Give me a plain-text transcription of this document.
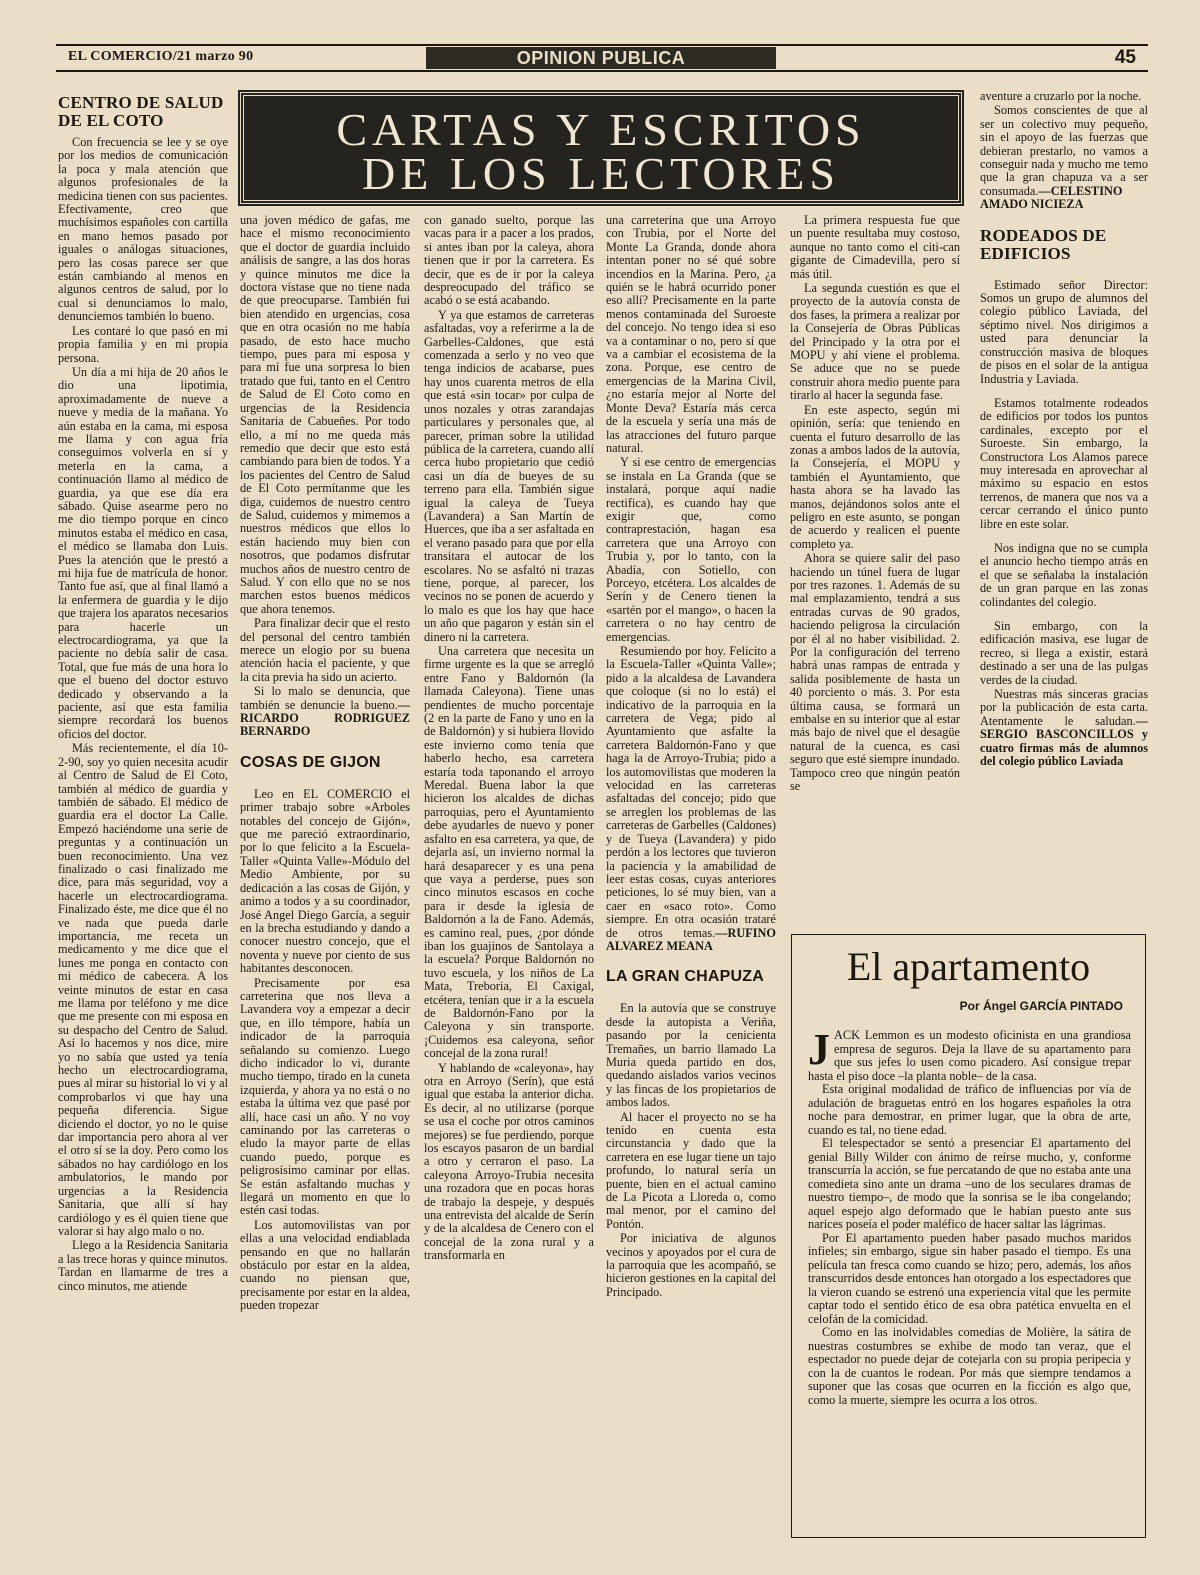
EL COMERCIO/21 marzo 90	OPINION PUBLICA	45
CARTAS Y ESCRITOS
DE LOS LECTORES
CENTRO DE SALUD DE EL COTO

Con frecuencia se lee y se oye por los medios de comunicación la poca y mala atención que algunos profesionales de la medicina tienen con sus pacientes. Efectivamente, creo que muchísimos españoles con cartilla en mano hemos pasado por iguales o análogas situaciones, pero las cosas parece ser que están cambiando al menos en algunos centros de salud, por lo cual si denunciamos lo malo, denunciemos también lo bueno.

Les contaré lo que pasó en mi propia familia y en mi propia persona.

Un día a mi hija de 20 años le dio una lipotimia, aproximadamente de nueve a nueve y media de la mañana. Yo aún estaba en la cama, mi esposa me llama y con agua fría conseguimos volverla en sí y meterla en la cama, a continuación llamo al médico de guardia, ya que ese día era sábado. Quise asearme pero no me dio tiempo porque en cinco minutos estaba el médico en casa, el médico se llamaba don Luis. Pues la atención que le prestó a mi hija fue de matrícula de honor. Tanto fue así, que al final llamó a la enfermera de guardia y le dijo que trajera los aparatos necesarios para hacerle un electrocardiograma, ya que la paciente no debía salir de casa. Total, que fue más de una hora lo que el bueno del doctor estuvo dedicado y observando a la paciente, así que esta familia siempre recordará los buenos oficios del doctor.

Más recientemente, el día 10-2-90, soy yo quien necesita acudir al Centro de Salud de El Coto, también al médico de guardia y también de sábado. El médico de guardia era el doctor La Calle. Empezó haciéndome una serie de preguntas y a continuación un buen reconocimiento. Una vez finalizado o casi finalizado me dice, para más seguridad, voy a hacerle un electrocardiograma. Finalizado éste, me dice que él no ve nada que pueda darle importancia, me receta un medicamento y me dice que el lunes me ponga en contacto con mi médico de cabecera. A los veinte minutos de estar en casa me llama por teléfono y me dice que me presente con mi esposa en su despacho del Centro de Salud. Así lo hacemos y nos dice, mire yo no sabía que usted ya tenía hecho un electrocardiograma, pues al mirar su historial lo vi y al comprobarlos vi que hay una pequeña diferencia. Sigue diciendo el doctor, yo no le quise dar importancia pero ahora al ver el otro sí se la doy. Pero como los sábados no hay cardiólogo en los ambulatorios, le mando por urgencias a la Residencia Sanitaria, que allí sí hay cardiólogo y es él quien tiene que valorar si hay algo malo o no.

Llego a la Residencia Sanitaria a las trece horas y quince minutos. Tardan en llamarme de tres a cinco minutos, me atiende

una joven médico de gafas, me hace el mismo reconocimiento que el doctor de guardia incluido análisis de sangre, a las dos horas y quince minutos me dice la doctora vístase que no tiene nada de que preocuparse. También fui bien atendido en urgencias, cosa que en otra ocasión no me había pasado, de esto hace mucho tiempo, pues para mi esposa y para mí fue una sorpresa lo bien tratado que fui, tanto en el Centro de Salud de El Coto como en urgencias de la Residencia Sanitaria de Cabueñes. Por todo ello, a mí no me queda más remedio que decir que esto está cambiando para bien de todos. Y a los pacientes del Centro de Salud de El Coto permítanme que les diga, cuidemos de nuestro centro de Salud, cuidemos y mimemos a nuestros médicos que ellos lo están haciendo muy bien con nosotros, que podamos disfrutar muchos años de nuestro centro de Salud. Y con ello que no se nos marchen estos buenos médicos que ahora tenemos.

Para finalizar decir que el resto del personal del centro también merece un elogio por su buena atención hacia el paciente, y que la cita previa ha sido un acierto.

Si lo malo se denuncia, que también se denuncie la bueno.—RICARDO RODRIGUEZ BERNARDO

COSAS DE GIJON

Leo en EL COMERCIO el primer trabajo sobre «Arboles notables del concejo de Gijón», que me pareció extraordinario, por lo que felicito a la Escuela-Taller «Quinta Valle»-Módulo del Medio Ambiente, por su dedicación a las cosas de Gijón, y animo a todos y a su coordinador, José Angel Diego García, a seguir en la brecha estudiando y dando a conocer nuestro concejo, que el noventa y nueve por ciento de sus habitantes desconocen.

Precisamente por esa carreterina que nos lleva a Lavandera voy a empezar a decir que, en illo témpore, había un indicador de la parroquia señalando su comienzo. Luego dicho indicador lo vi, durante mucho tiempo, tirado en la cuneta izquierda, y ahora ya no está o no estaba la última vez que pasé por allí, hace casi un año. Y no voy caminando por las carreteras o eludo la mayor parte de ellas cuando puedo, porque es peligrosísimo caminar por ellas. Se están asfaltando muchas y llegará un momento en que lo estén casi todas.

Los automovilistas van por ellas a una velocidad endiablada pensando en que no hallarán obstáculo por estar en la aldea, cuando no piensan que, precisamente por estar en la aldea, pueden tropezar

con ganado suelto, porque las vacas para ir a pacer a los prados, si antes iban por la caleya, ahora tienen que ir por la carretera. Es decir, que es de ir por la caleya despreocupado del tráfico se acabó o se está acabando.

Y ya que estamos de carreteras asfaltadas, voy a referirme a la de Garbelles-Caldones, que está comenzada a serlo y no veo que tenga indicios de acabarse, pues hay unos cuarenta metros de ella que está «sin tocar» por culpa de unos nozales y otras zarandajas particulares y personales que, al parecer, priman sobre la utilidad pública de la carretera, cuando allí cerca hubo propietario que cedió casi un día de bueyes de su terreno para ella. También sigue igual la caleya de Tueya (Lavandera) a San Martín de Huerces, que iba a ser asfaltada en el verano pasado para que por ella transitara el autocar de los escolares. No se asfaltó ni trazas tiene, porque, al parecer, los vecinos no se ponen de acuerdo y lo malo es que los hay que hace un año que pagaron y están sin el dinero ni la carretera.

Una carretera que necesita un firme urgente es la que se arregló entre Fano y Baldornón (la llamada Caleyona). Tiene unas pendientes de mucho porcentaje (2 en la parte de Fano y uno en la de Baldornón) y si hubiera llovido este invierno como tenía que haberlo hecho, esa carretera estaría toda taponando el arroyo Meredal. Buena labor la que hicieron los alcaldes de dichas parroquias, pero el Ayuntamiento debe ayudarles de nuevo y poner asfalto en esa carretera, ya que, de dejarla así, un invierno normal la hará desaparecer y es una pena que vaya a perderse, pues son cinco minutos escasos en coche para ir desde la iglesia de Baldornón a la de Fano. Además, es camino real, pues, ¿por dónde iban los guajinos de Santolaya a la escuela? Porque Baldornón no tuvo escuela, y los niños de La Mata, Treboria, El Caxigal, etcétera, tenían que ir a la escuela de Baldornón-Fano por la Caleyona y sin transporte. ¡Cuidemos esa caleyona, señor concejal de la zona rural!

Y hablando de «caleyona», hay otra en Arroyo (Serín), que está igual que estaba la anterior dicha. Es decir, al no utilizarse (porque se usa el coche por otros caminos mejores) se fue perdiendo, porque los escayos pasaron de un bardial a otro y cerraron el paso. La caleyona Arroyo-Trubia necesita una rozadora que en pocas horas de trabajo la despeje, y después una entrevista del alcalde de Serín y de la alcaldesa de Cenero con el concejal de la zona rural y a transformarla en

una carreterina que una Arroyo con Trubia, por el Norte del Monte La Granda, donde ahora intentan poner no sé qué sobre incendios en la Marina. Pero, ¿a quién se le habrá ocurrido poner eso allí? Precisamente en la parte menos contaminada del Suroeste del concejo. No tengo idea si eso va a contaminar o no, pero sí que va a cambiar el ecosistema de la zona. Porque, ese centro de emergencias de la Marina Civil, ¿no estaría mejor al Norte del Monte Deva? Estaría más cerca de la escuela y sería una más de las atracciones del futuro parque natural.

Y si ese centro de emergencias se instala en La Granda (que se instalará, porque aquí nadie rectifica), es cuando hay que exigir que, como contraprestación, hagan esa carretera que una Arroyo con Trubia y, por lo tanto, con la Abadía, con Sotiello, con Porceyo, etcétera. Los alcaldes de Serín y de Cenero tienen la «sartén por el mango», o hacen la carretera o no hay centro de emergencias.

Resumiendo por hoy. Felicito a la Escuela-Taller «Quinta Valle»; pido a la alcaldesa de Lavandera que coloque (si no lo está) el indicativo de la parroquia en la carretera de Vega; pido al Ayuntamiento que asfalte la carretera Baldornón-Fano y que haga la de Arroyo-Trubia; pido a los automovilistas que moderen la velocidad en las carreteras asfaltadas del concejo; pido que se arreglen los problemas de las carreteras de Garbelles (Caldones) y de Tueya (Lavandera) y pido perdón a los lectores que tuvieron la paciencia y la amabilidad de leer estas cosas, cuyas anteriores peticiones, lo sé muy bien, van a caer en «saco roto». Como siempre. En otra ocasión trataré de otros temas.—RUFINO ALVAREZ MEANA

LA GRAN CHAPUZA

En la autovía que se construye desde la autopista a Veriña, pasando por la cenicienta Tremañes, un barrio llamado La Muria queda partido en dos, quedando aislados varios vecinos y las fincas de los propietarios de ambos lados.

Al hacer el proyecto no se ha tenido en cuenta esta circunstancia y dado que la carretera en ese lugar tiene un tajo profundo, lo natural sería un puente, bien en el actual camino de La Picota a Lloreda o, como mal menor, por el camino del Pontón.

Por iniciativa de algunos vecinos y apoyados por el cura de la parroquia que les acompañó, se hicieron gestiones en la capital del Principado.

La primera respuesta fue que un puente resultaba muy costoso, aunque no tanto como el citi-can gigante de Cimadevilla, pero sí más útil.

La segunda cuestión es que el proyecto de la autovía consta de dos fases, la primera a realizar por la Consejería de Obras Públicas del Principado y la otra por el MOPU y ahí viene el problema. Se aduce que no se puede construir ahora medio puente para tirarlo al hacer la segunda fase.

En este aspecto, según mi opinión, sería: que teniendo en cuenta el futuro desarrollo de las zonas a ambos lados de la autovía, la Consejería, el MOPU y también el Ayuntamiento, que hasta ahora se ha lavado las manos, dejándonos solos ante el peligro en este asunto, se pongan de acuerdo y realicen el puente completo ya.

Ahora se quiere salir del paso haciendo un túnel fuera de lugar por tres razones. 1. Además de su mal emplazamiento, tendrá a sus entradas curvas de 90 grados, haciendo peligrosa la circulación por él al no haber visibilidad. 2. Por la configuración del terreno habrá unas rampas de entrada y salida posiblemente de hasta un 40 porciento o más. 3. Por esta última causa, se formará un embalse en su interior que al estar más bajo de nivel que el desagüe natural de la cuenca, es casi seguro que esté siempre inundado. Tampoco creo que ningún peatón se

aventure a cruzarlo por la noche.

Somos conscientes de que al ser un colectivo muy pequeño, sin el apoyo de las fuerzas que debieran prestarlo, no vamos a conseguir nada y mucho me temo que la gran chapuza va a ser consumada.—CELESTINO AMADO NICIEZA

RODEADOS DE EDIFICIOS

Estimado señor Director: Somos un grupo de alumnos del colegio público Laviada, del séptimo nivel. Nos dirigimos a usted para denunciar la construcción masiva de bloques de pisos en el solar de la antigua Industria y Laviada.

Estamos totalmente rodeados de edificios por todos los puntos cardinales, excepto por el Suroeste. Sin embargo, la Constructora Los Alamos parece muy interesada en aprovechar al máximo su espacio en estos terrenos, de manera que nos va a cercar cerrando el único punto libre en este solar.

Nos indigna que no se cumpla el anuncio hecho tiempo atrás en el que se señalaba la instalación de un gran parque en las zonas colindantes del colegio.

Sin embargo, con la edificación masiva, ese lugar de recreo, si llega a existir, estará destinado a ser una de las pulgas verdes de la ciudad.

Nuestras más sinceras gracias por la publicación de esta carta. Atentamente le saludan.—SERGIO BASCONCILLOS y cuatro firmas más de alumnos del colegio público Laviada

El apartamento
Por Ángel GARCÍA PINTADO

JACK Lemmon es un modesto oficinista en una grandiosa empresa de seguros. Deja la llave de su apartamento para que sus jefes lo usen como picadero. Así consigue trepar hasta el piso doce –la planta noble– de la casa.

Esta original modalidad de tráfico de influencias por vía de adulación de braguetas entró en los hogares españoles la otra noche para demostrar, en primer lugar, que la obra de arte, cuando es tal, no tiene edad.

El telespectador se sentó a presenciar El apartamento del genial Billy Wilder con ánimo de reírse mucho, y, conforme transcurría la acción, se fue percatando de que no estaba ante una comedieta sino ante un drama –uno de los seculares dramas de nuestro tiempo–, de modo que la sonrisa se le iba congelando; aquel espejo algo deformado que le habían puesto ante sus narices poseía el poder maléfico de hacer saltar las lágrimas.

Por El apartamento pueden haber pasado muchos maridos infieles; sin embargo, sigue sin haber pasado el tiempo. Es una película tan fresca como cuando se hizo; pero, además, los años transcurridos desde entonces han otorgado a los espectadores que la vieron cuando se estrenó una experiencia vital que les permite captar todo el sentido ético de esa obra patética envuelta en el celofán de la comicidad.

Como en las inolvidables comedias de Molière, la sátira de nuestras costumbres se exhibe de modo tan veraz, que el espectador no puede dejar de cotejarla con su propia peripecia y con la de cuantos le rodean. Por más que siempre tendamos a suponer que las cosas que ocurren en la ficción es algo que, como la muerte, siempre les ocurra a los otros.
